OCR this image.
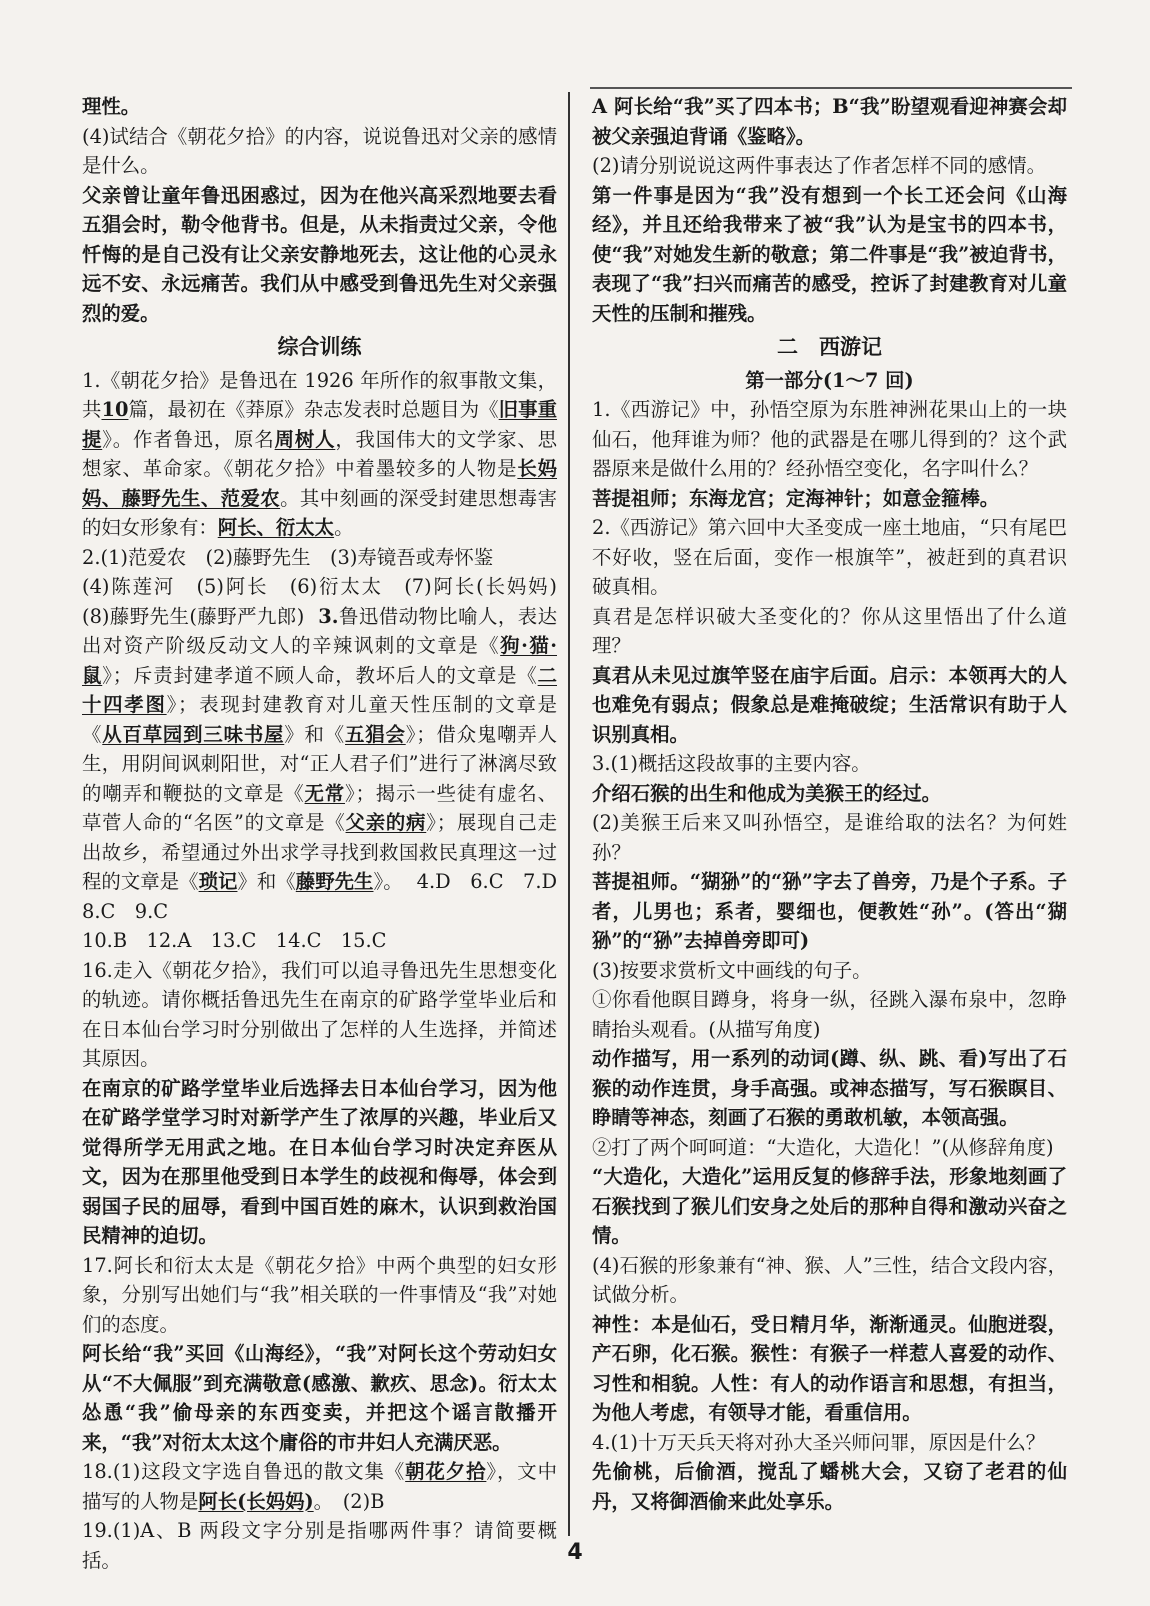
理性。

(4)试结合《朝花夕拾》的内容，说说鲁迅对父亲的感情是什么。

父亲曾让童年鲁迅困惑过，因为在他兴高采烈地要去看五猖会时，勒令他背书。但是，从未指责过父亲，令他忏悔的是自己没有让父亲安静地死去，这让他的心灵永远不安、永远痛苦。我们从中感受到鲁迅先生对父亲强烈的爱。

综合训练

1.《朝花夕拾》是鲁迅在 1926 年所作的叙事散文集，共10篇，最初在《莽原》杂志发表时总题目为《旧事重提》。作者鲁迅，原名周树人，我国伟大的文学家、思想家、革命家。《朝花夕拾》中着墨较多的人物是长妈妈、藤野先生、范爱农。其中刻画的深受封建思想毒害的妇女形象有：阿长、衍太太。

2.(1)范爱农　(2)藤野先生　(3)寿镜吾或寿怀鉴

(4)陈莲河　(5)阿长　(6)衍太太　(7)阿长(长妈妈)　(8)藤野先生(藤野严九郎) 3.鲁迅借动物比喻人，表达出对资产阶级反动文人的辛辣讽刺的文章是《狗·猫·鼠》；斥责封建孝道不顾人命，教坏后人的文章是《二十四孝图》；表现封建教育对儿童天性压制的文章是《从百草园到三味书屋》和《五猖会》；借众鬼嘲弄人生，用阴间讽刺阳世，对“正人君子们”进行了淋漓尽致的嘲弄和鞭挞的文章是《无常》；揭示一些徒有虚名、草菅人命的“名医”的文章是《父亲的病》；展现自己走出故乡，希望通过外出求学寻找到救国救民真理这一过程的文章是《琐记》和《藤野先生》。 4.D　6.C　7.D　8.C　9.C

10.B　12.A　13.C　14.C　15.C

16.走入《朝花夕拾》，我们可以追寻鲁迅先生思想变化的轨迹。请你概括鲁迅先生在南京的矿路学堂毕业后和在日本仙台学习时分别做出了怎样的人生选择，并简述其原因。

在南京的矿路学堂毕业后选择去日本仙台学习，因为他在矿路学堂学习时对新学产生了浓厚的兴趣，毕业后又觉得所学无用武之地。在日本仙台学习时决定弃医从文，因为在那里他受到日本学生的歧视和侮辱，体会到弱国子民的屈辱，看到中国百姓的麻木，认识到救治国民精神的迫切。

17.阿长和衍太太是《朝花夕拾》中两个典型的妇女形象，分别写出她们与“我”相关联的一件事情及“我”对她们的态度。

阿长给“我”买回《山海经》，“我”对阿长这个劳动妇女从“不大佩服”到充满敬意(感激、歉疚、思念)。衍太太怂恿“我”偷母亲的东西变卖，并把这个谣言散播开来，“我”对衍太太这个庸俗的市井妇人充满厌恶。

18.(1)这段文字选自鲁迅的散文集《朝花夕拾》，文中描写的人物是阿长(长妈妈)。　(2)B

19.(1)A、B 两段文字分别是指哪两件事？请简要概括。

A 阿长给“我”买了四本书；B“我”盼望观看迎神赛会却被父亲强迫背诵《鉴略》。

(2)请分别说说这两件事表达了作者怎样不同的感情。

第一件事是因为“我”没有想到一个长工还会问《山海经》，并且还给我带来了被“我”认为是宝书的四本书，使“我”对她发生新的敬意；第二件事是“我”被迫背书，表现了“我”扫兴而痛苦的感受，控诉了封建教育对儿童天性的压制和摧残。

二　西游记

第一部分(1～7 回)

1.《西游记》中，孙悟空原为东胜神洲花果山上的一块仙石，他拜谁为师？他的武器是在哪儿得到的？这个武器原来是做什么用的？经孙悟空变化，名字叫什么？

菩提祖师；东海龙宫；定海神针；如意金箍棒。

2.《西游记》第六回中大圣变成一座土地庙，“只有尾巴不好收，竖在后面，变作一根旗竿”，被赶到的真君识破真相。

真君是怎样识破大圣变化的？你从这里悟出了什么道理？

真君从未见过旗竿竖在庙宇后面。启示：本领再大的人也难免有弱点；假象总是难掩破绽；生活常识有助于人识别真相。

3.(1)概括这段故事的主要内容。

介绍石猴的出生和他成为美猴王的经过。

(2)美猴王后来又叫孙悟空，是谁给取的法名？为何姓孙？

菩提祖师。“猢狲”的“狲”字去了兽旁，乃是个子系。子者，儿男也；系者，婴细也，便教姓“孙”。(答出“猢狲”的“狲”去掉兽旁即可)

(3)按要求赏析文中画线的句子。

①你看他瞑目蹲身，将身一纵，径跳入瀑布泉中，忽睁睛抬头观看。(从描写角度)

动作描写，用一系列的动词(蹲、纵、跳、看)写出了石猴的动作连贯，身手高强。或神态描写，写石猴瞑目、睁睛等神态，刻画了石猴的勇敢机敏，本领高强。

②打了两个呵呵道：“大造化，大造化！”(从修辞角度)

“大造化，大造化”运用反复的修辞手法，形象地刻画了石猴找到了猴儿们安身之处后的那种自得和激动兴奋之情。

(4)石猴的形象兼有“神、猴、人”三性，结合文段内容，试做分析。

神性：本是仙石，受日精月华，渐渐通灵。仙胞迸裂，产石卵，化石猴。猴性：有猴子一样惹人喜爱的动作、习性和相貌。人性：有人的动作语言和思想，有担当，为他人考虑，有领导才能，看重信用。

4.(1)十万天兵天将对孙大圣兴师问罪，原因是什么？

先偷桃，后偷酒，搅乱了蟠桃大会，又窃了老君的仙丹，又将御酒偷来此处享乐。

4
